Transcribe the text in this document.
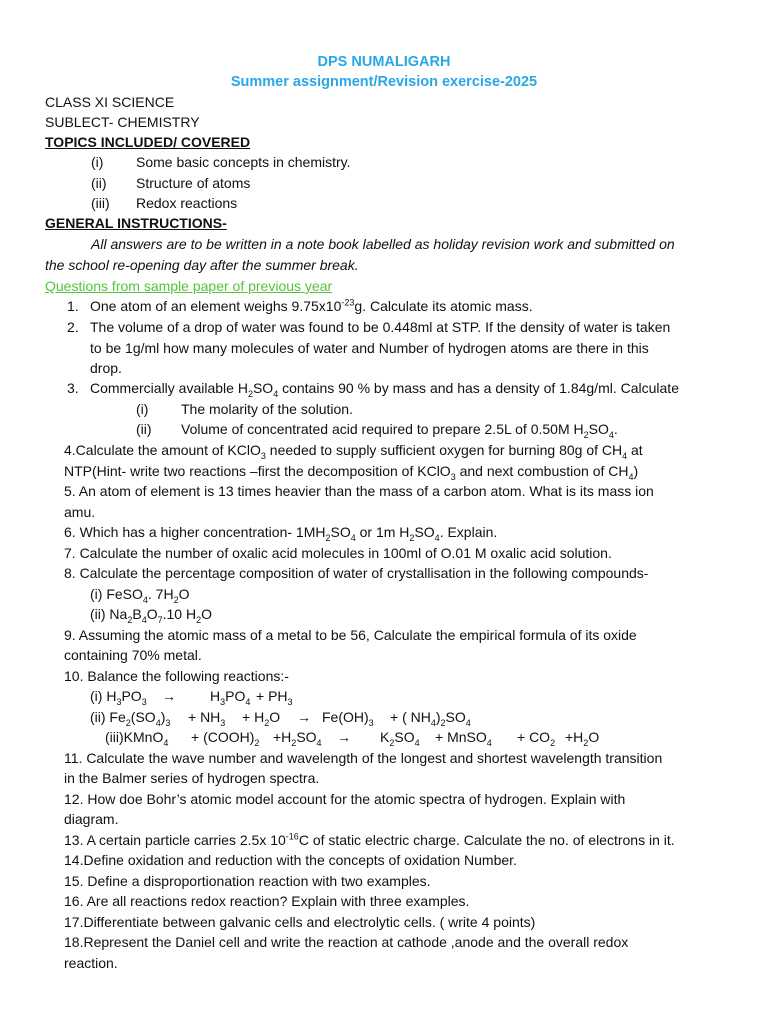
DPS NUMALIGARH
Summer assignment/Revision exercise-2025
CLASS XI SCIENCE
SUBLECT- CHEMISTRY
TOPICS INCLUDED/ COVERED
(i) Some basic concepts in chemistry.
(ii) Structure of atoms
(iii) Redox reactions
GENERAL INSTRUCTIONS-
All answers are to be written in a note book labelled as holiday revision work and submitted on
the school re-opening day after the summer break.
Questions from sample paper of previous year
1. One atom of an element weighs $9.75x10^{-23}g$. Calculate its atomic mass.
2. The volume of a drop of water was found to be 0.448ml at STP. If the density of water is taken
to be 1g/ml how many molecules of water and Number of hydrogen atoms are there in this
drop.
3. Commercially available $H_2SO_4$ contains 90 % by mass and has a density of 1.84g/ml. Calculate
(i) The molarity of the solution.
(ii) Volume of concentrated acid required to prepare 2.5L of 0.50M $H_2SO_4$.
4.Calculate the amount of KClO$_3$ needed to supply sufficient oxygen for burning 80g of $CH_4$ at
NTP(Hint- write two reactions –first the decomposition of KClO$_3$ and next combustion of $CH_4$)
5. An atom of element is 13 times heavier than the mass of a carbon atom. What is its mass ion
amu.
6. Which has a higher concentration- $1MH_2SO_4$ or 1m $H_2SO_4$. Explain.
7. Calculate the number of oxalic acid molecules in 100ml of O.01 M oxalic acid solution.
8. Calculate the percentage composition of water of crystallisation in the following compounds-
(i) FeSO$_4$. $7H_2O$
(ii) $Na_2B_4O_7.10$ $H_2O$
9. Assuming the atomic mass of a metal to be 56, Calculate the empirical formula of its oxide
containing 70% metal.
10. Balance the following reactions:-
(i) $H_3PO_3 \to H_3PO_4 + PH_3$
(ii) $Fe_2(SO_4)_3 + NH_3 + H_2O \to Fe(OH)_3$ + ( $NH_4)_2SO_4$
(iii)KMnO$_4$ + $(COOH)_2 +H_2SO_4 \to K_2SO_4$ + MnSO$_4$ + $CO_2 +H_2O$
11. Calculate the wave number and wavelength of the longest and shortest wavelength transition
in the Balmer series of hydrogen spectra.
12. How doe Bohr’s atomic model account for the atomic spectra of hydrogen. Explain with
diagram.
13. A certain particle carries 2.5x $10^{-16}C$ of static electric charge. Calculate the no. of electrons in it.
14.Define oxidation and reduction with the concepts of oxidation Number.
15. Define a disproportionation reaction with two examples.
16. Are all reactions redox reaction? Explain with three examples.
17.Differentiate between galvanic cells and electrolytic cells. ( write 4 points)
18.Represent the Daniel cell and write the reaction at cathode ,anode and the overall redox
reaction.
